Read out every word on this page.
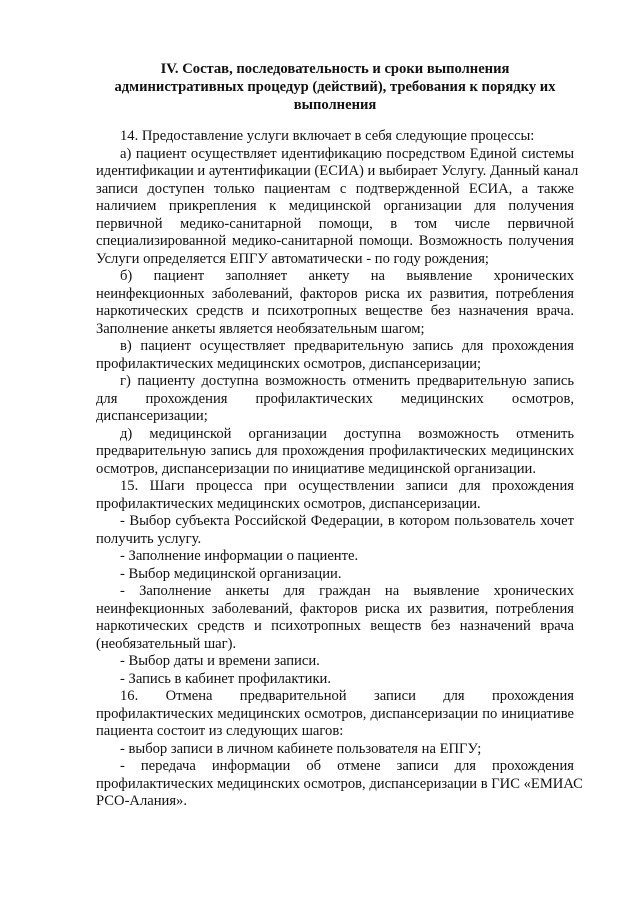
IV. Состав, последовательность и сроки выполнения
административных процедур (действий), требования к порядку их
выполнения
14. Предоставление услуги включает в себя следующие процессы:
а) пациент осуществляет идентификацию посредством Единой системы
идентификации и аутентификации (ЕСИА) и выбирает Услугу. Данный канал
записи доступен только пациентам с подтвержденной ЕСИА, а также
наличием прикрепления к медицинской организации для получения
первичной медико-санитарной помощи, в том числе первичной
специализированной медико-санитарной помощи. Возможность получения
Услуги определяется ЕПГУ автоматически - по году рождения;
б) пациент заполняет анкету на выявление хронических
неинфекционных заболеваний, факторов риска их развития, потребления
наркотических средств и психотропных веществе без назначения врача.
Заполнение анкеты является необязательным шагом;
в) пациент осуществляет предварительную запись для прохождения
профилактических медицинских осмотров, диспансеризации;
г) пациенту доступна возможность отменить предварительную запись
для прохождения профилактических медицинских осмотров,
диспансеризации;
д) медицинской организации доступна возможность отменить
предварительную запись для прохождения профилактических медицинских
осмотров, диспансеризации по инициативе медицинской организации.
15. Шаги процесса при осуществлении записи для прохождения
профилактических медицинских осмотров, диспансеризации.
- Выбор субъекта Российской Федерации, в котором пользователь хочет
получить услугу.
- Заполнение информации о пациенте.
- Выбор медицинской организации.
- Заполнение анкеты для граждан на выявление хронических
неинфекционных заболеваний, факторов риска их развития, потребления
наркотических средств и психотропных веществ без назначений врача
(необязательный шаг).
- Выбор даты и времени записи.
- Запись в кабинет профилактики.
16. Отмена предварительной записи для прохождения
профилактических медицинских осмотров, диспансеризации по инициативе
пациента состоит из следующих шагов:
- выбор записи в личном кабинете пользователя на ЕПГУ;
- передача информации об отмене записи для прохождения
профилактических медицинских осмотров, диспансеризации в ГИС «ЕМИАС
РСО-Алания».
